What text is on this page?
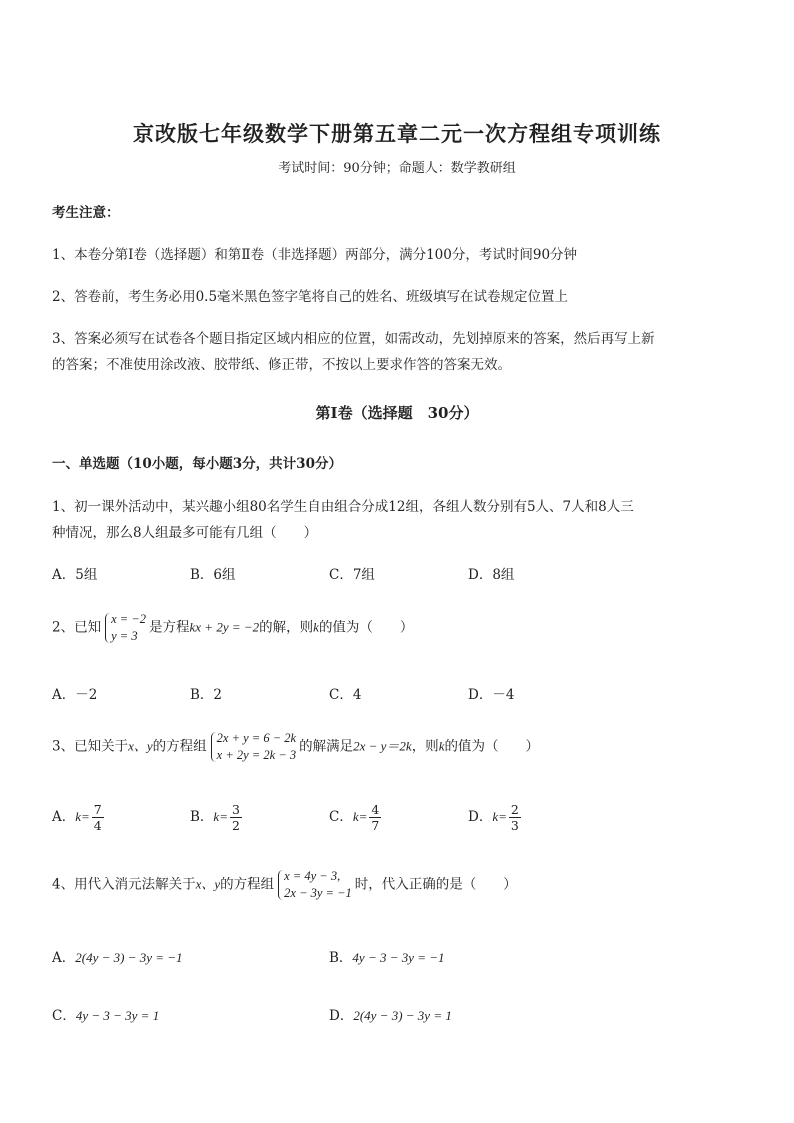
京改版七年级数学下册第五章二元一次方程组专项训练
考试时间：90分钟；命题人：数学教研组
考生注意：
1、本卷分第Ⅰ卷（选择题）和第Ⅱ卷（非选择题）两部分，满分100分，考试时间90分钟
2、答卷前，考生务必用0.5毫米黑色签字笔将自己的姓名、班级填写在试卷规定位置上
3、答案必须写在试卷各个题目指定区域内相应的位置，如需改动，先划掉原来的答案，然后再写上新
的答案；不准使用涂改液、胶带纸、修正带，不按以上要求作答的答案无效。
第Ⅰ卷（选择题　30分）
一、单选题（10小题，每小题3分，共计30分）
1、初一课外活动中，某兴趣小组80名学生自由组合分成12组，各组人数分别有5人、7人和8人三
种情况，那么8人组最多可能有几组（　　）
A．5组	B．6组	C．7组	D．8组
2、已知
x = −2
y = 3
是方程kx + 2y = −2的解，则k的值为（　　）
A．－2	B．2	C．4	D．－4
3、已知关于x、y的方程组
2x + y = 6 − 2k
x + 2y = 2k − 3
的解满足2x − y＝2k，则k的值为（　　）
A．$k= \frac{7}{4}$	B．$k= \frac{3}{2}$	C．$k= \frac{4}{7}$	D．$k= \frac{2}{3}$
4、用代入消元法解关于x、y的方程组
x = 4y − 3,
2x − 3y = −1
时，代入正确的是（　　）
A．2(4y − 3) − 3y = −1	B．4y − 3 − 3y = −1
C．4y − 3 − 3y = 1	D．2(4y − 3) − 3y = 1
